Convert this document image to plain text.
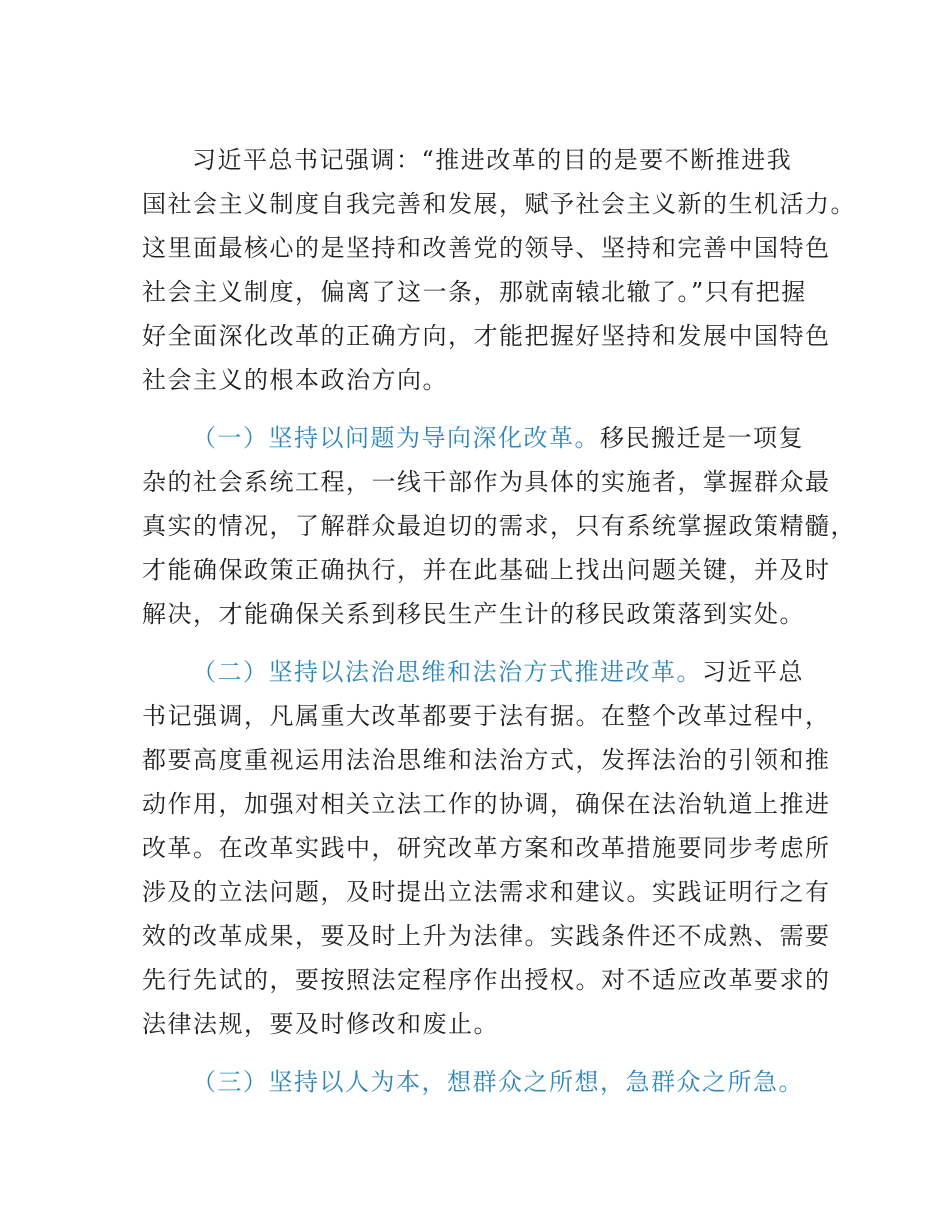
习近平总书记强调：“推进改革的目的是要不断推进我
国社会主义制度自我完善和发展，赋予社会主义新的生机活力。
这里面最核心的是坚持和改善党的领导、坚持和完善中国特色
社会主义制度，偏离了这一条，那就南辕北辙了。”只有把握
好全面深化改革的正确方向，才能把握好坚持和发展中国特色
社会主义的根本政治方向。
（一）坚持以问题为导向深化改革。移民搬迁是一项复
杂的社会系统工程，一线干部作为具体的实施者，掌握群众最
真实的情况，了解群众最迫切的需求，只有系统掌握政策精髓，
才能确保政策正确执行，并在此基础上找出问题关键，并及时
解决，才能确保关系到移民生产生计的移民政策落到实处。
（二）坚持以法治思维和法治方式推进改革。习近平总
书记强调，凡属重大改革都要于法有据。在整个改革过程中，
都要高度重视运用法治思维和法治方式，发挥法治的引领和推
动作用，加强对相关立法工作的协调，确保在法治轨道上推进
改革。在改革实践中，研究改革方案和改革措施要同步考虑所
涉及的立法问题，及时提出立法需求和建议。实践证明行之有
效的改革成果，要及时上升为法律。实践条件还不成熟、需要
先行先试的，要按照法定程序作出授权。对不适应改革要求的
法律法规，要及时修改和废止。
（三）坚持以人为本，想群众之所想，急群众之所急。
